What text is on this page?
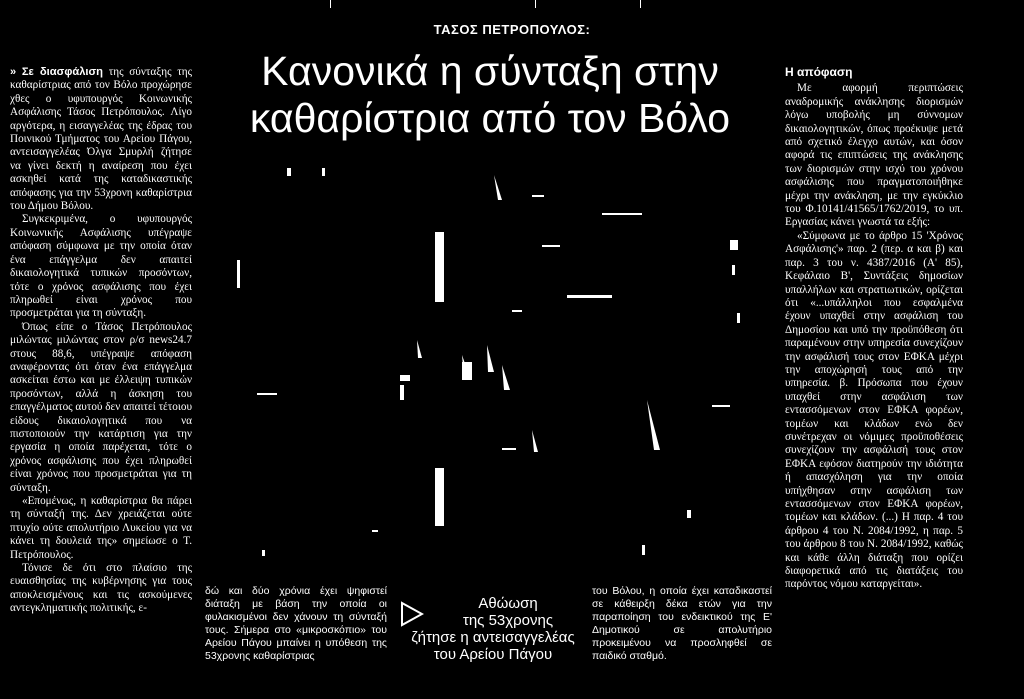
ΤΑΣΟΣ ΠΕΤΡΟΠΟΥΛΟΣ:
Κανονικά η σύνταξη στην
καθαρίστρια από τον Βόλο

» Σε διασφάλιση της σύνταξης της καθαρίστριας από τον Βόλο προχώρησε χθες ο υφυπουργός Κοινωνικής Ασφάλισης Τάσος Πετρόπουλος. Λίγο αργότερα, η εισαγγελέας της έδρας του Ποινικού Τμήματος του Αρείου Πάγου, αντεισαγγελέας Όλγα Σμυρλή ζήτησε να γίνει δεκτή η αναίρεση που έχει ασκηθεί κατά της καταδικαστικής απόφασης για την 53χρονη καθαρίστρια του Δήμου Βόλου.

Συγκεκριμένα, ο υφυπουργός Κοινωνικής Ασφάλισης υπέγραψε απόφαση σύμφωνα με την οποία όταν ένα επάγγελμα δεν απαιτεί δικαιολογητικά τυπικών προσόντων, τότε ο χρόνος ασφάλισης που έχει πληρωθεί είναι χρόνος που προσμετράται για τη σύνταξη.

Όπως είπε ο Τάσος Πετρόπουλος μιλώντας μιλώντας στον ρ/σ news24.7 στους 88,6, υπέγραψε απόφαση αναφέροντας ότι όταν ένα επάγγελμα ασκείται έστω και με έλλειψη τυπικών προσόντων, αλλά η άσκηση του επαγγέλματος αυτού δεν απαιτεί τέτοιου είδους δικαιολογητικά που να πιστοποιούν την κατάρτιση για την εργασία η οποία παρέχεται, τότε ο χρόνος ασφάλισης που έχει πληρωθεί είναι χρόνος που προσμετράται για τη σύνταξη.

«Επομένως, η καθαρίστρια θα πάρει τη σύνταξή της. Δεν χρειάζεται ούτε πτυχίο ούτε απολυτήριο Λυκείου για να κάνει τη δουλειά της» σημείωσε ο Τ. Πετρόπουλος.

Τόνισε δε ότι στο πλαίσιο της ευαισθησίας της κυβέρνησης για τους αποκλεισμένους και τις ασκούμενες αντεγκληματικής πολιτικής, ε-

δώ και δύο χρόνια έχει ψηφιστεί διάταξη με βάση την οποία οι φυλακισμένοι δεν χάνουν τη σύνταξή τους. Σήμερα στο «μικροσκόπιο» του Αρείου Πάγου μπαίνει η υπόθεση της 53χρονης καθαρίστριας
Αθώωση
της 53χρονης
ζήτησε η αντεισαγγελέας
του Αρείου Πάγου
του Βόλου, η οποία έχει καταδικαστεί σε κάθειρξη δέκα ετών για την παραποίηση του ενδεικτικού της Ε' Δημοτικού σε απολυτήριο προκειμένου να προσληφθεί σε παιδικό σταθμό.
Η απόφαση

Με αφορμή περιπτώσεις αναδρομικής ανάκλησης διορισμών λόγω υποβολής μη σύννομων δικαιολογητικών, όπως προέκυψε μετά από σχετικό έλεγχο αυτών, και όσον αφορά τις επιπτώσεις της ανάκλησης των διορισμών στην ισχύ του χρόνου ασφάλισης που πραγματοποιήθηκε μέχρι την ανάκληση, με την εγκύκλιο του Φ.10141/41565/1762/2019, το υπ. Εργασίας κάνει γνωστά τα εξής:

«Σύμφωνα με το άρθρο 15 'Χρόνος Ασφάλισης'» παρ. 2 (περ. α και β) και παρ. 3 του ν. 4387/2016 (Α' 85), Κεφάλαιο Β', Συντάξεις δημοσίων υπαλλήλων και στρατιωτικών, ορίζεται ότι «...υπάλληλοι που εσφαλμένα έχουν υπαχθεί στην ασφάλιση του Δημοσίου και υπό την προϋπόθεση ότι παραμένουν στην υπηρεσία συνεχίζουν την ασφάλισή τους στον ΕΦΚΑ μέχρι την αποχώρησή τους από την υπηρεσία. β. Πρόσωπα που έχουν υπαχθεί στην ασφάλιση των εντασσόμενων στον ΕΦΚΑ φορέων, τομέων και κλάδων ενώ δεν συνέτρεχαν οι νόμιμες προϋποθέσεις συνεχίζουν την ασφάλισή τους στον ΕΦΚΑ εφόσον διατηρούν την ιδιότητα ή απασχόληση για την οποία υπήχθησαν στην ασφάλιση των εντασσόμενων στον ΕΦΚΑ φορέων, τομέων και κλάδων. (...) Η παρ. 4 του άρθρου 4 του Ν. 2084/1992, η παρ. 5 του άρθρου 8 του Ν. 2084/1992, καθώς και κάθε άλλη διάταξη που ορίζει διαφορετικά από τις διατάξεις του παρόντος νόμου καταργείται».
